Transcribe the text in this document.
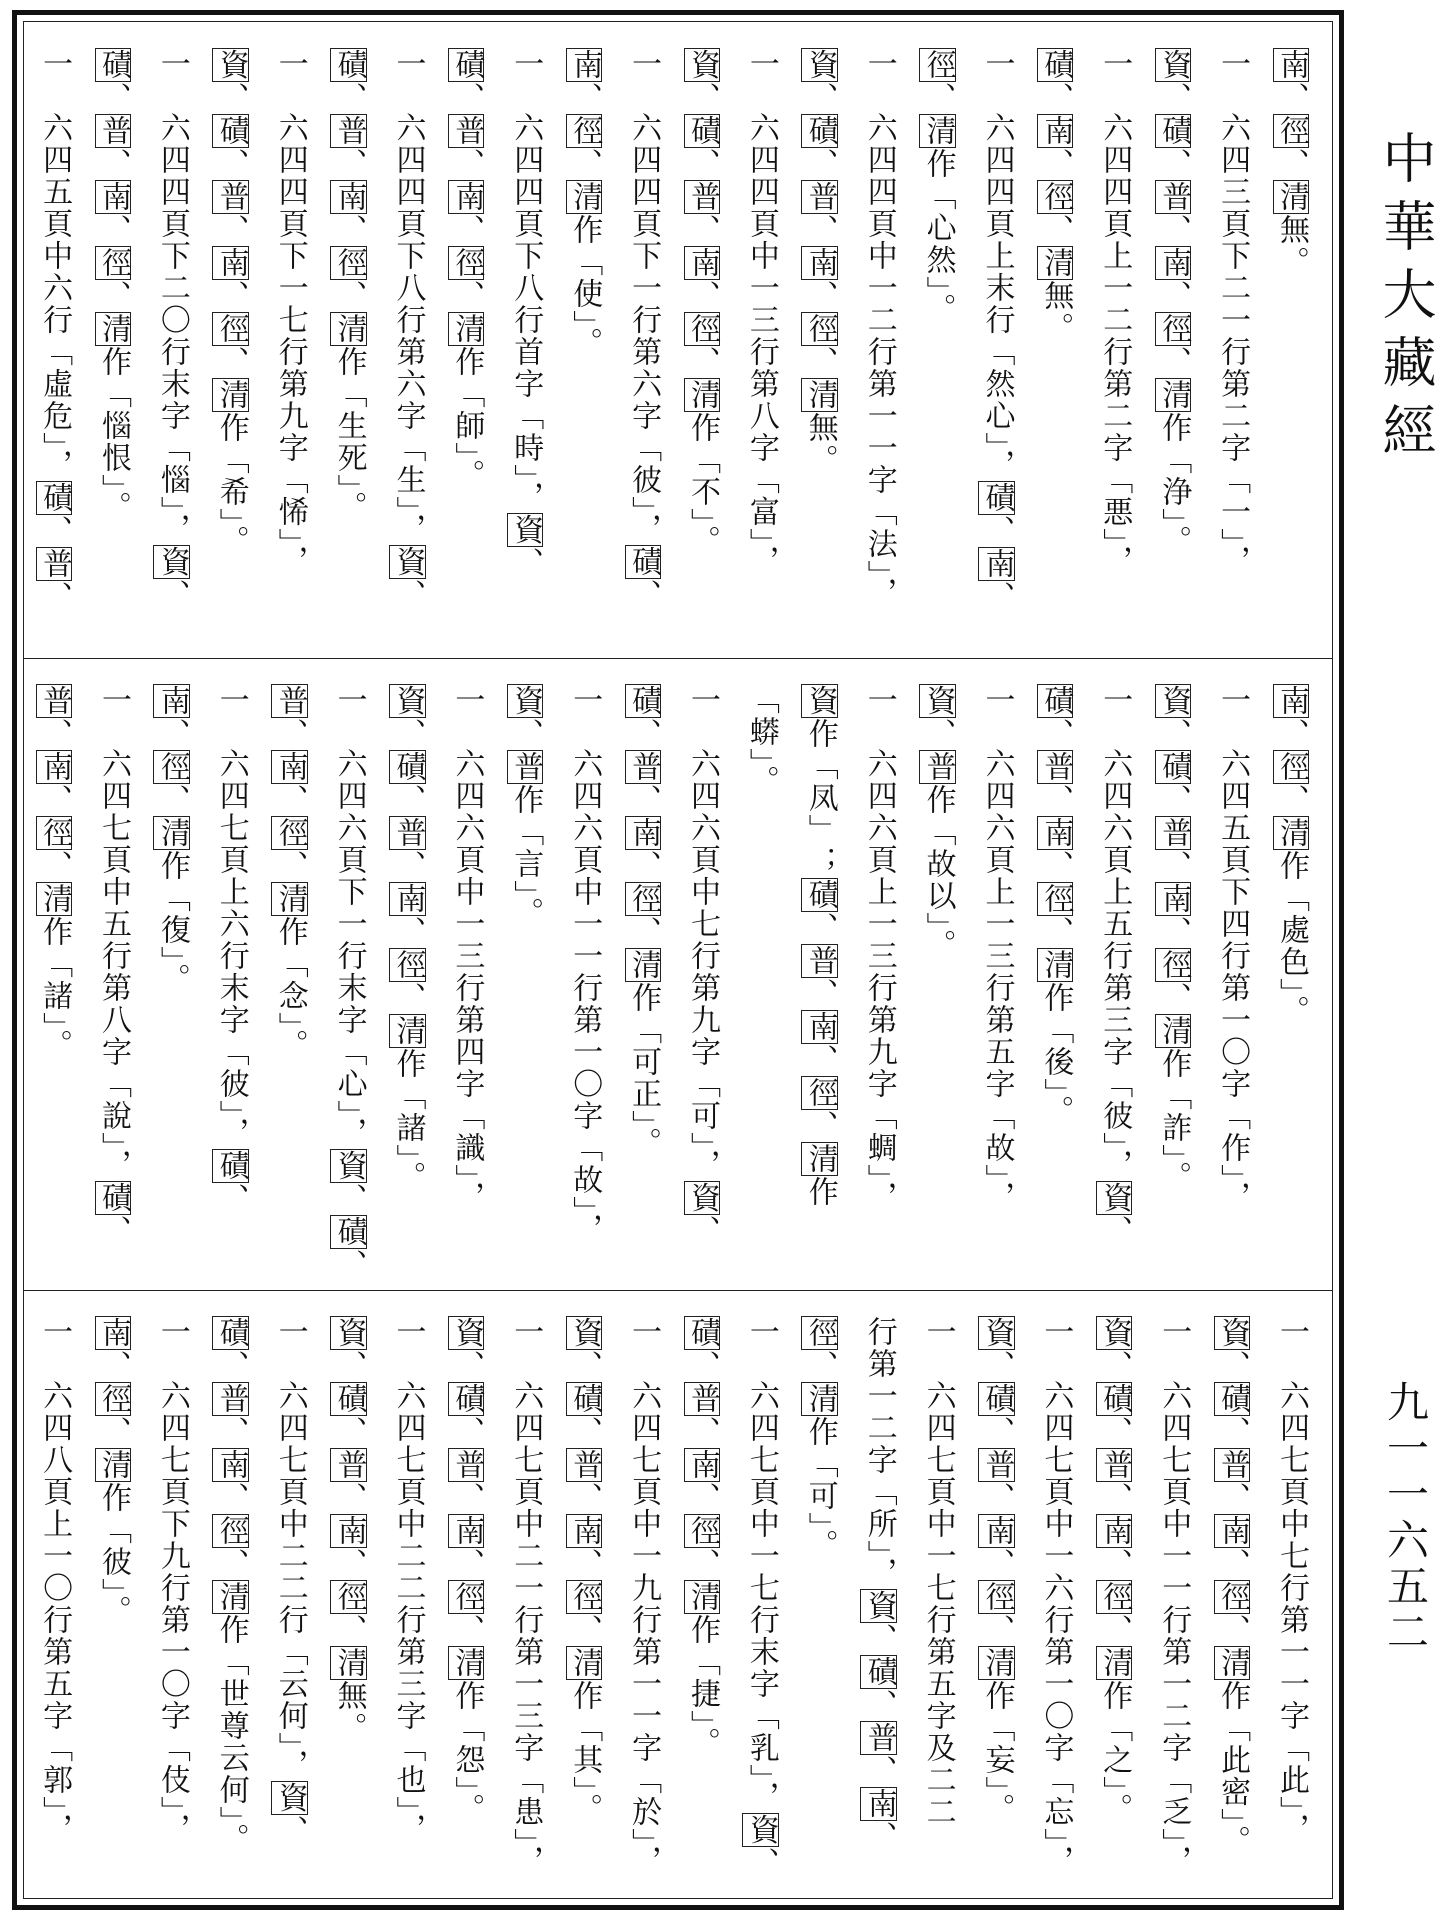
南、徑、清無。
一　六四三頁下二一行第二字「一」，
資、磧、普、南、徑、清作「浄」。
一　六四四頁上一二行第二字「悪」，
磧、南、徑、清無。
一　六四四頁上末行「然心」，磧、南、
徑、清作「心然」。
一　六四四頁中一二行第一一字「法」，
資、磧、普、南、徑、清無。
一　六四四頁中一三行第八字「富」，
資、磧、普、南、徑、清作「不」。
一　六四四頁下一行第六字「彼」，磧、
南、徑、清作「使」。
一　六四四頁下八行首字「時」，資、
磧、普、南、徑、清作「師」。
一　六四四頁下八行第六字「生」，資、
磧、普、南、徑、清作「生死」。
一　六四四頁下一七行第九字「悕」，
資、磧、普、南、徑、清作「希」。
一　六四四頁下二〇行末字「惱」，資、
磧、普、南、徑、清作「惱恨」。
一　六四五頁中六行「虛危」，磧、普、
南、徑、清作「處色」。
一　六四五頁下四行第一〇字「作」，
資、磧、普、南、徑、清作「詐」。
一　六四六頁上五行第三字「彼」，資、
磧、普、南、徑、清作「後」。
一　六四六頁上一三行第五字「故」，
資、普作「故以」。
一　六四六頁上一三行第九字「蜩」，
資作「凤」；磧、普、南、徑、清作
「蟒」。
一　六四六頁中七行第九字「可」，資、
磧、普、南、徑、清作「可正」。
一　六四六頁中一一行第一〇字「故」，
資、普作「言」。
一　六四六頁中一三行第四字「識」，
資、磧、普、南、徑、清作「諸」。
一　六四六頁下一行末字「心」，資、磧、
普、南、徑、清作「念」。
一　六四七頁上六行末字「彼」，磧、
南、徑、清作「復」。
一　六四七頁中五行第八字「說」，磧、
普、南、徑、清作「諸」。
一　六四七頁中七行第一一字「此」，
資、磧、普、南、徑、清作「此密」。
一　六四七頁中一一行第一二字「乏」，
資、磧、普、南、徑、清作「之」。
一　六四七頁中一六行第一〇字「忘」，
資、磧、普、南、徑、清作「妄」。
一　六四七頁中一七行第五字及二二
行第一二字「所」，資、磧、普、南、
徑、清作「可」。
一　六四七頁中一七行末字「乳」，資、
磧、普、南、徑、清作「捷」。
一　六四七頁中一九行第一一字「於」，
資、磧、普、南、徑、清作「其」。
一　六四七頁中二一行第一三字「患」，
資、磧、普、南、徑、清作「怨」。
一　六四七頁中二二行第三字「也」，
資、磧、普、南、徑、清無。
一　六四七頁中二二行「云何」，資、
磧、普、南、徑、清作「世尊云何」。
一　六四七頁下九行第一〇字「伎」，
南、徑、清作「彼」。
一　六四八頁上一〇行第五字「郭」，
中華大藏經
九一一六五二
